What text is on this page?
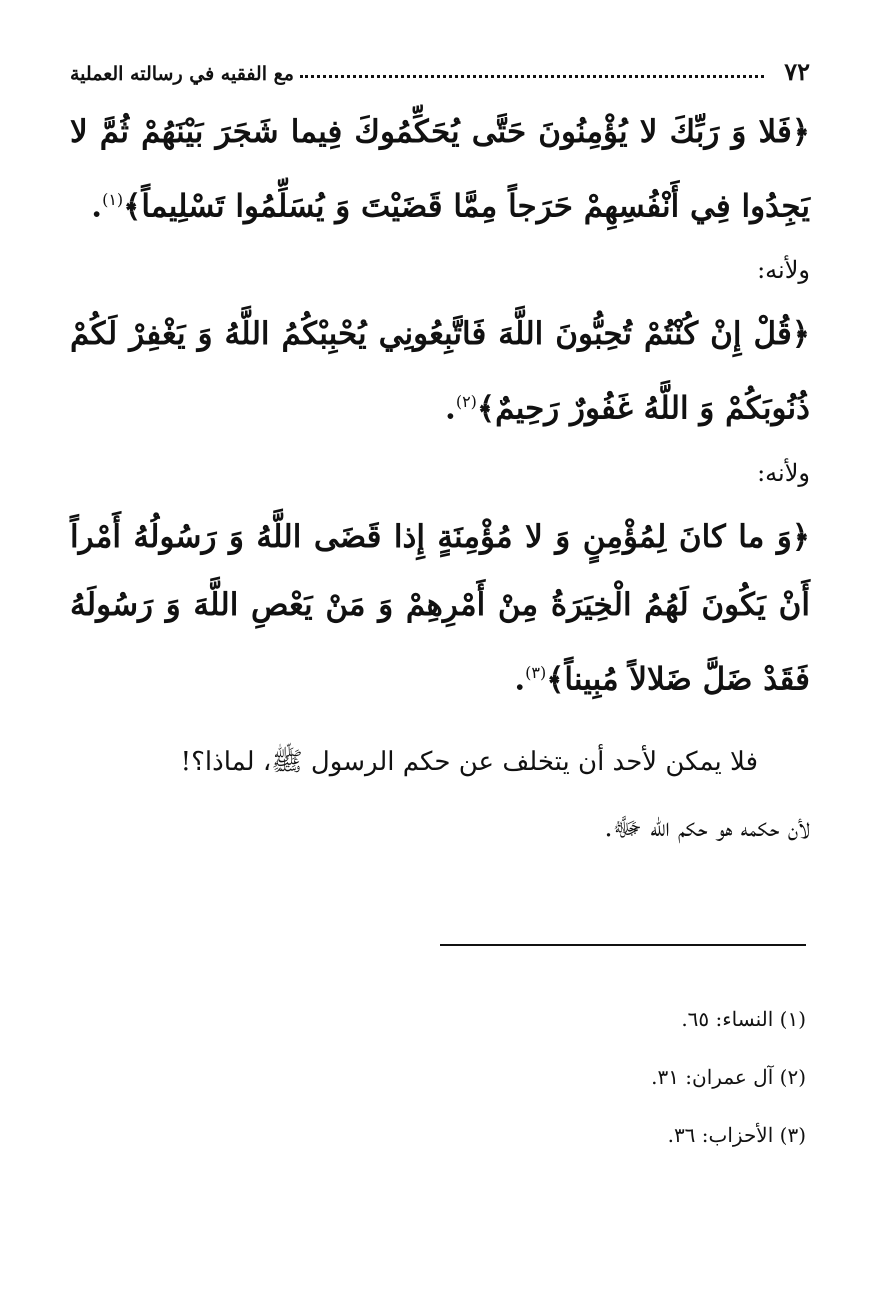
٧٢
مع الفقيه في رسالته العملية

﴿فَلا وَ رَبِّكَ لا يُؤْمِنُونَ حَتَّى يُحَكِّمُوكَ فِيما شَجَرَ بَيْنَهُمْ ثُمَّ لا يَجِدُوا فِي أَنْفُسِهِمْ حَرَجاً مِمَّا قَضَيْتَ وَ يُسَلِّمُوا تَسْلِيماً﴾$^{(١)}$.

ولأنه:

﴿قُلْ إِنْ كُنْتُمْ تُحِبُّونَ اللَّهَ فَاتَّبِعُونِي يُحْبِبْكُمُ اللَّهُ وَ يَغْفِرْ لَكُمْ ذُنُوبَكُمْ وَ اللَّهُ غَفُورٌ رَحِيمٌ﴾$^{(٢)}$.

ولأنه:

﴿وَ ما كانَ لِمُؤْمِنٍ وَ لا مُؤْمِنَةٍ إِذا قَضَى اللَّهُ وَ رَسُولُهُ أَمْراً أَنْ يَكُونَ لَهُمُ الْخِيَرَةُ مِنْ أَمْرِهِمْ وَ مَنْ يَعْصِ اللَّهَ وَ رَسُولَهُ فَقَدْ ضَلَّ ضَلالاً مُبِيناً﴾$^{(٣)}$.

فلا يمكن لأحد أن يتخلف عن حكم الرسول ﷺ، لماذا؟!

لأن حكمه هو حكم الله ﷻ.

(١) النساء: ٦٥.

(٢) آل عمران: ٣١.

(٣) الأحزاب: ٣٦.
